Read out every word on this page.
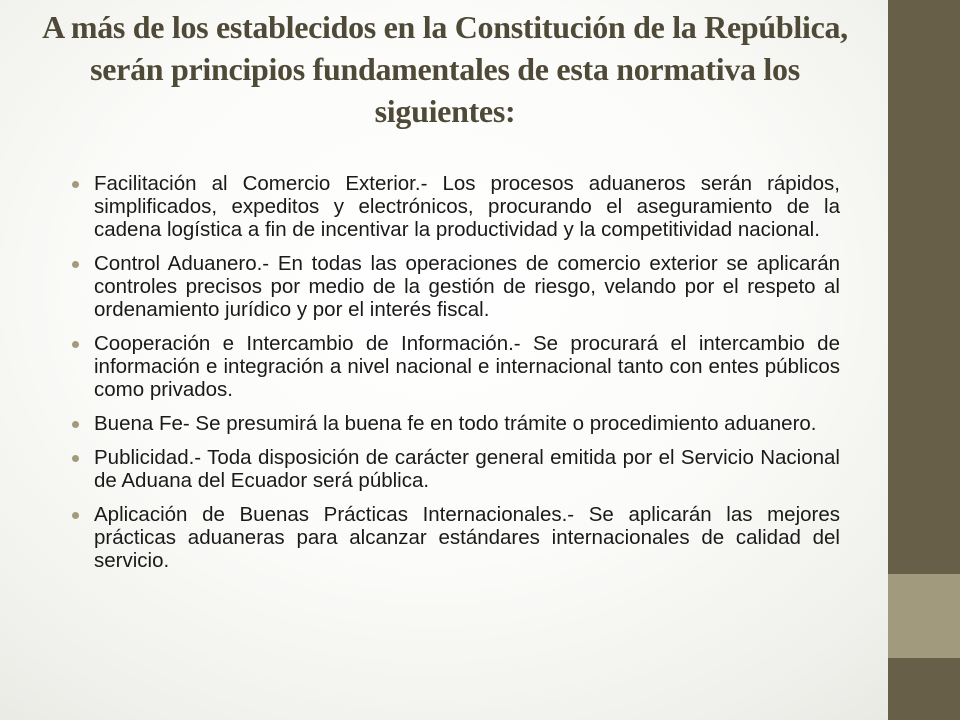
A más de los establecidos en la Constitución de la República, serán principios fundamentales de esta normativa los siguientes:
Facilitación al Comercio Exterior.- Los procesos aduaneros serán rápidos, simplificados, expeditos y electrónicos, procurando el aseguramiento de la cadena logística a fin de incentivar la productividad y la competitividad nacional.
Control Aduanero.- En todas las operaciones de comercio exterior se aplicarán controles precisos por medio de la gestión de riesgo, velando por el respeto al ordenamiento jurídico y por el interés fiscal.
Cooperación e Intercambio de Información.- Se procurará el intercambio de información e integración a nivel nacional e internacional tanto con entes públicos como privados.
Buena Fe- Se presumirá la buena fe en todo trámite o procedimiento aduanero.
Publicidad.- Toda disposición de carácter general emitida por el Servicio Nacional de Aduana del Ecuador será pública.
Aplicación de Buenas Prácticas Internacionales.- Se aplicarán las mejores prácticas aduaneras para alcanzar estándares internacionales de calidad del servicio.
